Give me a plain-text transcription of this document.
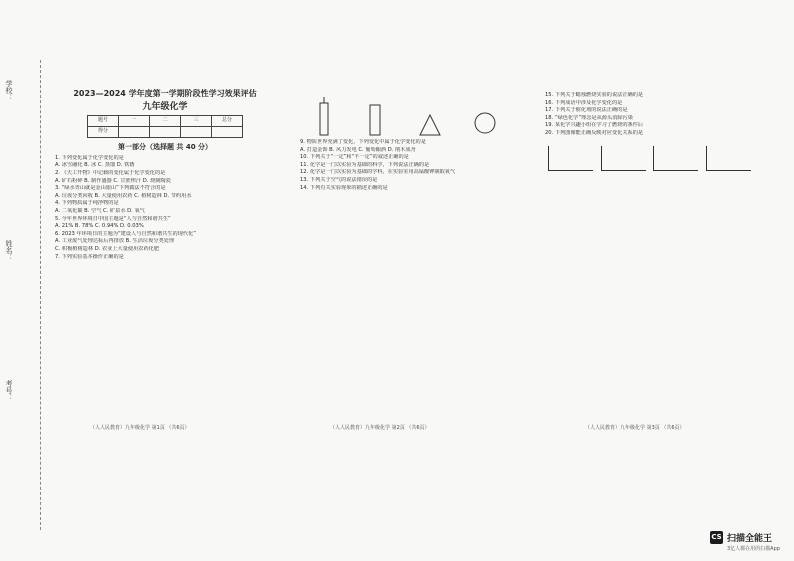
学校：
姓名：
考号：
2023—2024 学年度第一学期阶段性学习效果评估
九年级化学
题号	一	二	三	总分
得分				
第一部分（选择题 共 40 分）
1. 下列变化属于化学变化的是
A. 冰雪融化 B. 冰 C. 蒸馏 D. 铁锈
2. 《天工开物》中记载的变化属于化学变化的是
A. 矿石粉碎 B. 制作盛器 C. 甘蔗榨汁 D. 烧制陶瓷
3. “绿水青山就是金山银山”下列做法不符合的是
A. 垃圾分类回收 B. 大量使用农药 C. 植树造林 D. 节约用水
4. 下列物质属于纯净物的是
A. 二氧化碳 B. 空气 C. 矿泉水 D. 氧气
5. 今年世界环境日中国主题是“人与自然和谐共生”
A. 21% B. 78% C. 0.94% D. 0.03%
6. 2023 年环境日的主题为“建设人与自然和谐共生的现代化”
A. 工业废气处理达标后再排放 B. 生活垃圾分类处理
C. 积极植树造林 D. 农业上大量使用农药化肥
7. 下列实验基本操作正确的是
9. 物质世界充满了变化，下列变化中属于化学变化的是
A. 打造金饰 B. 风力发电 C. 葡萄酿酒 D. 削木成舟
10. 下列关于“一定”和“不一定”的叙述正确的是
11. 化学是一门以实验为基础的科学，下列说法正确的是
12. 化学是一门以实验为基础的学科，在实验室用高锰酸钾制取氧气
13. 下列关于空气的说法错误的是
14. 下列有关实验现象的描述正确的是
15. 下列关于蜡烛燃烧实验的说法正确的是
16. 下列成语中涉及化学变化的是
17. 下列关于催化剂的说法正确的是
18. “绿色化学”理念是从源头消除污染
19. 某化学兴趣小组在学习了燃烧的条件后
20. 下列图像能正确反映对应变化关系的是

（人人民教育）九年级化学 第1页 （共6页）	（人人民教育）九年级化学 第2页 （共6页）	（人人民教育）九年级化学 第3页 （共6页）
CS 扫描全能王
3亿人都在用的扫描App
